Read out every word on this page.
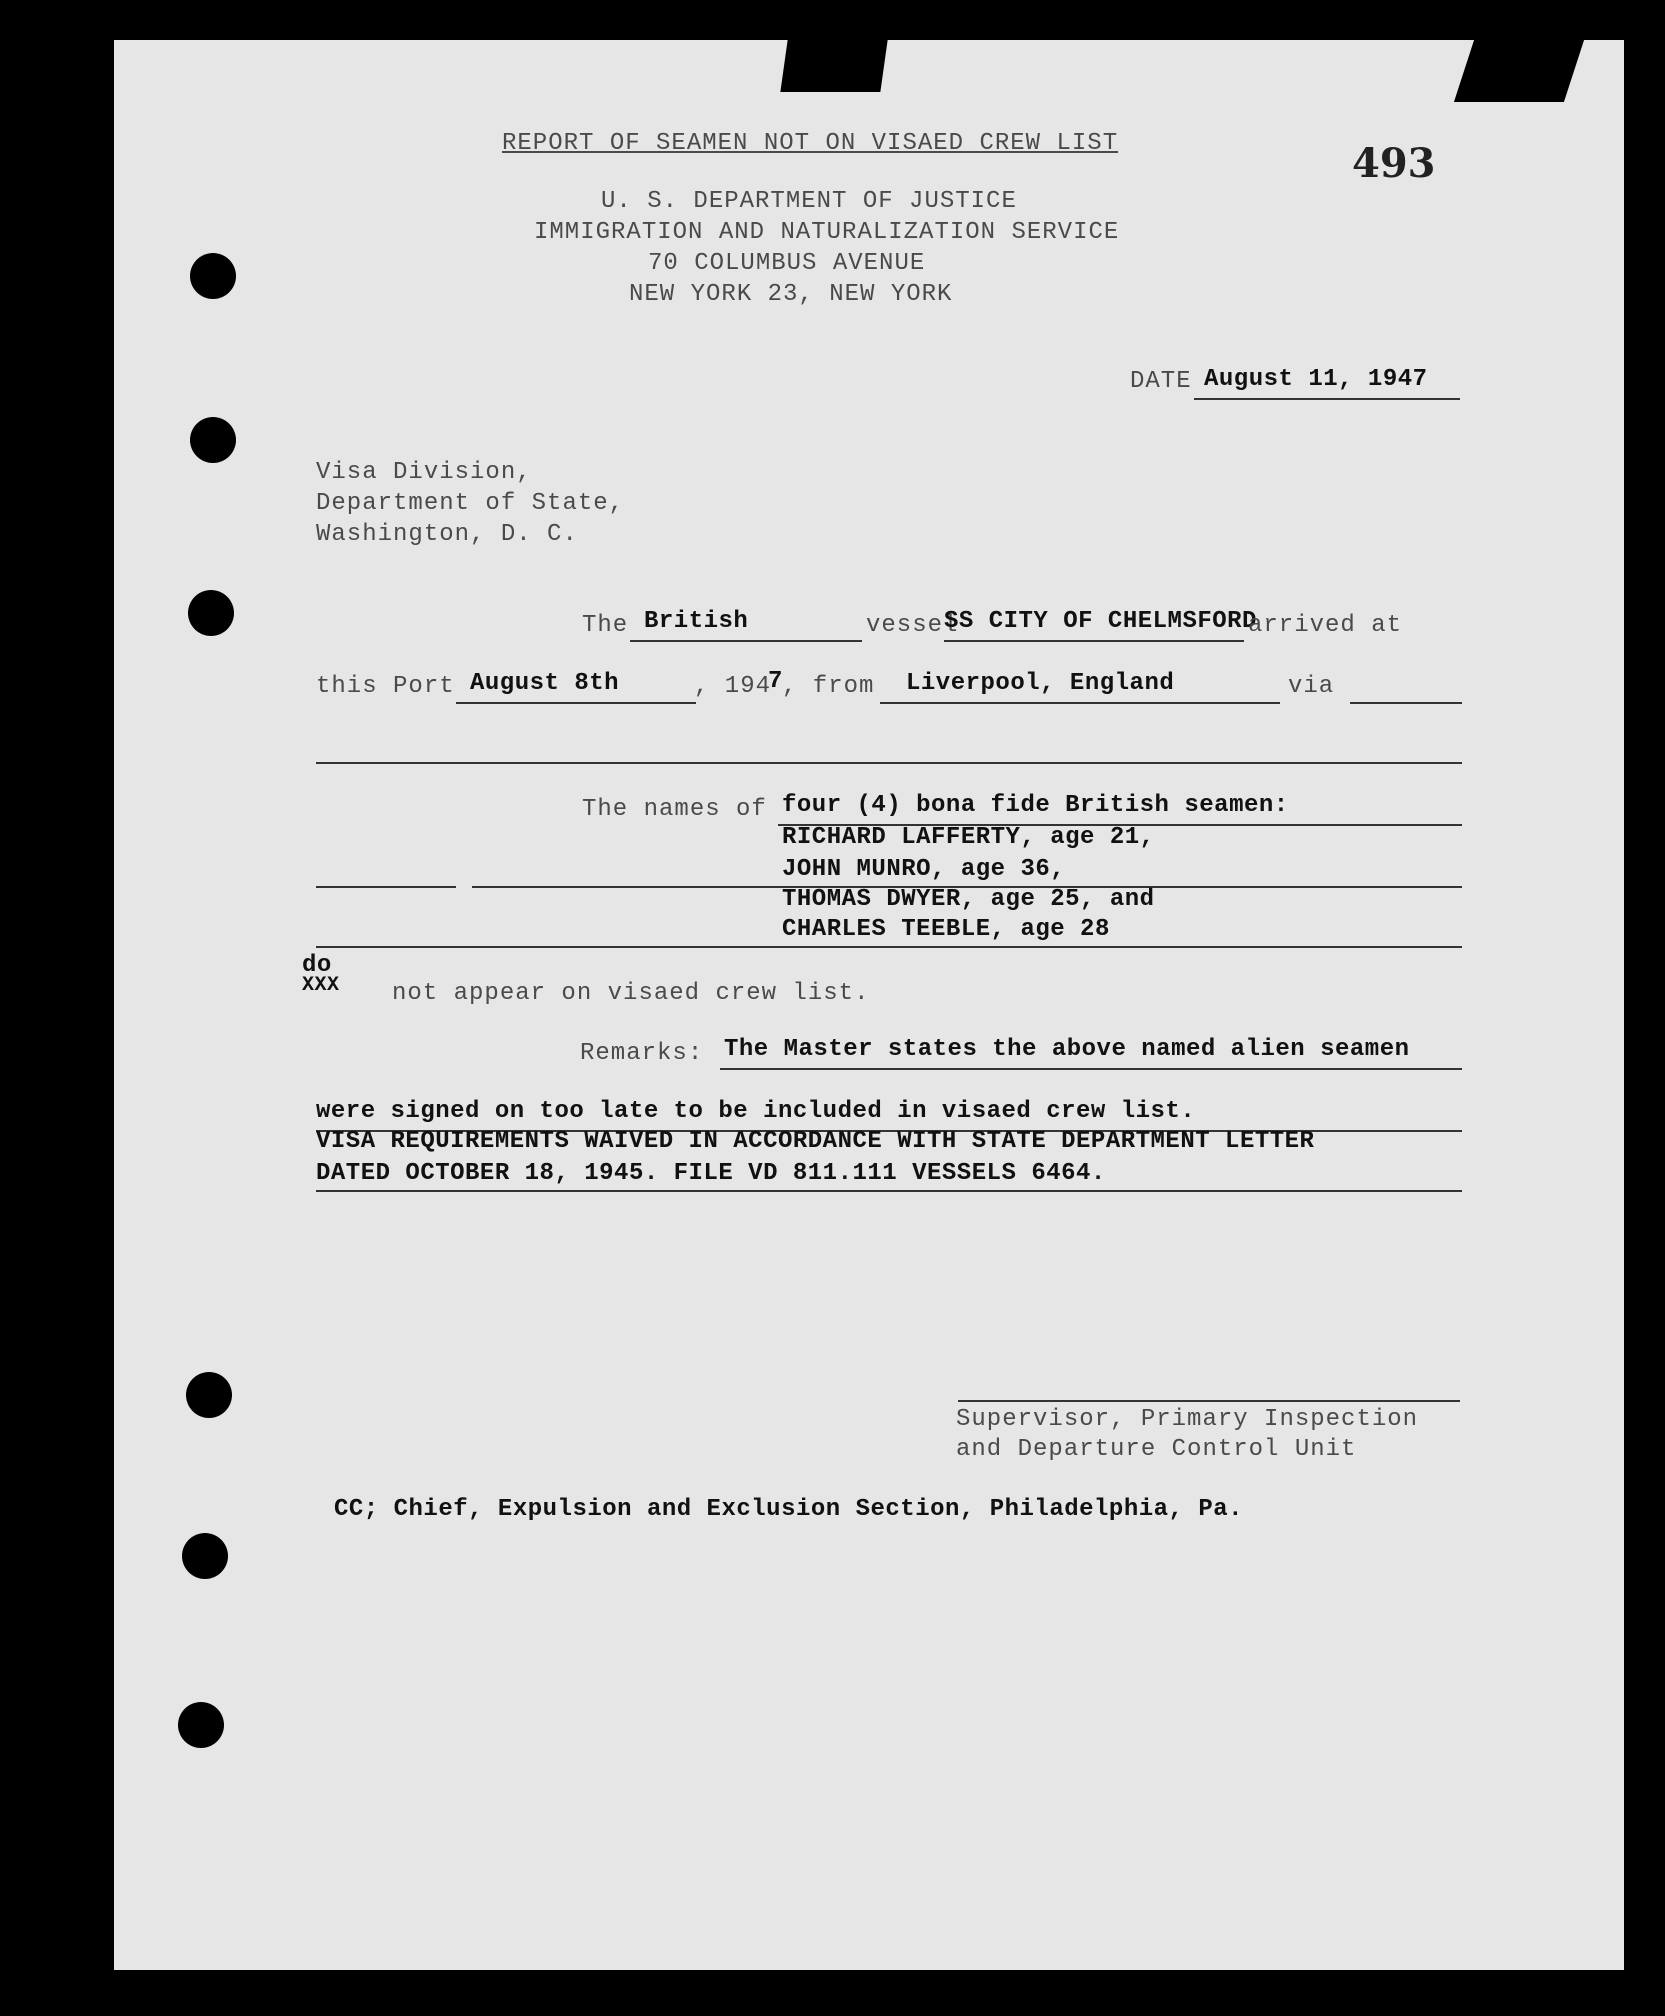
REPORT OF SEAMEN NOT ON VISAED CREW LIST	493
U. S. DEPARTMENT OF JUSTICE
IMMIGRATION AND NATURALIZATION SERVICE
70 COLUMBUS AVENUE
NEW YORK 23, NEW YORK
DATE August 11, 1947
Visa Division,
Department of State,
Washington, D. C.
The British	vessel
SS CITY OF CHELMSFORD
arrived at
this Port August 8th	, 194
7 , from Liverpool, England	via
The names of four (4) bona fide British seamen:
RICHARD LAFFERTY, age 21,
JOHN MUNRO, age 36,
THOMAS DWYER, age 25, and
CHARLES TEEBLE, age 28
do
XXX not appear on visaed crew list.
Remarks: The Master states the above named alien seamen
were signed on too late to be included in visaed crew list.
VISA REQUIREMENTS WAIVED IN ACCORDANCE WITH STATE DEPARTMENT LETTER
DATED OCTOBER 18, 1945. FILE VD 811.111 VESSELS 6464.
Supervisor, Primary Inspection
and Departure Control Unit
CC; Chief, Expulsion and Exclusion Section, Philadelphia, Pa.
